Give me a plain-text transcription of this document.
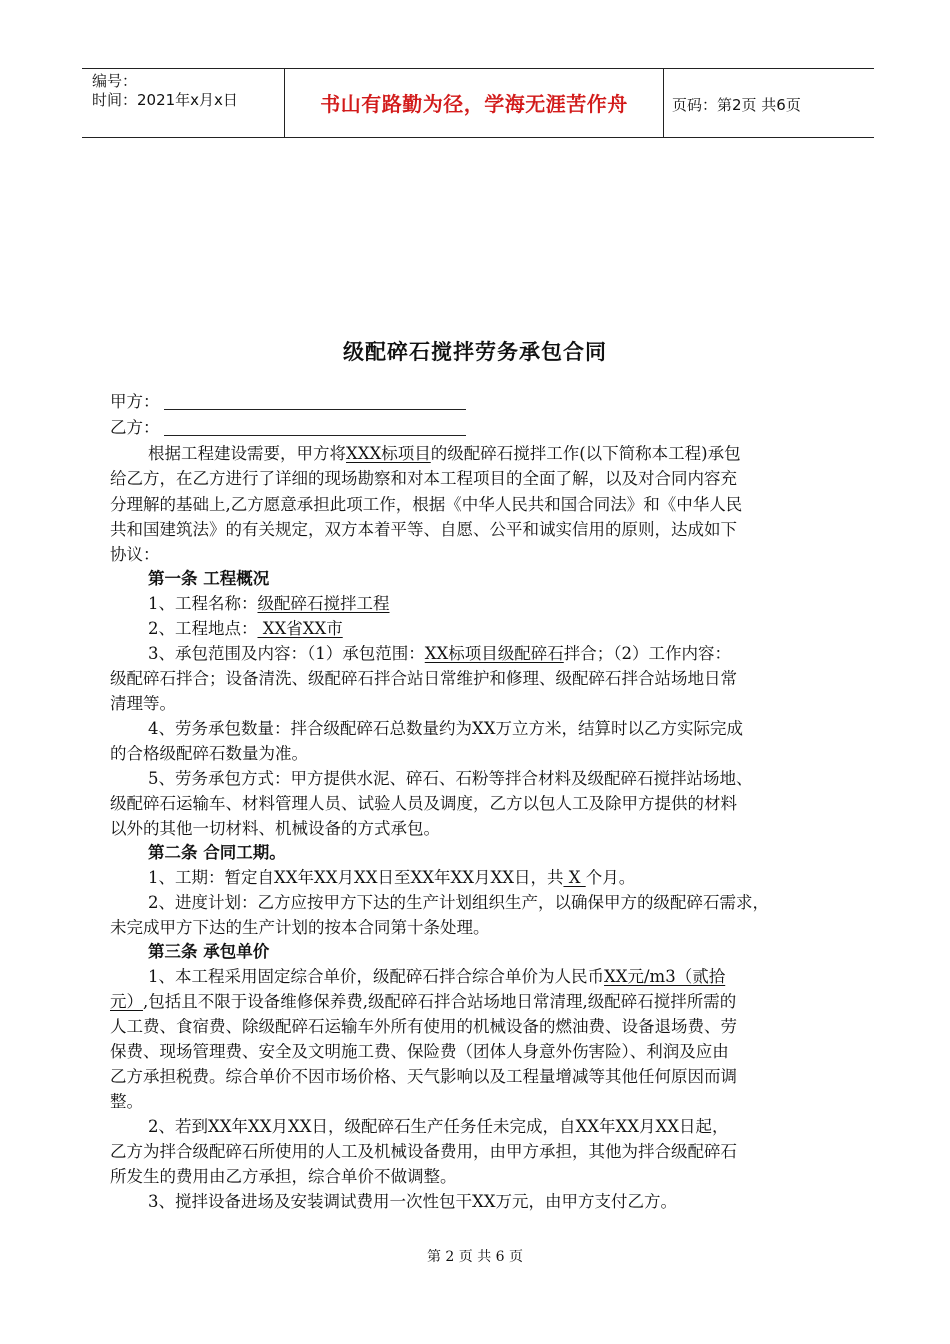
编号：
时间：2021年x月x日	书山有路勤为径，学海无涯苦作舟	页码：第2页 共6页
级配碎石搅拌劳务承包合同
甲方：
乙方：
根据工程建设需要，甲方将XXX标项目的级配碎石搅拌工作(以下简称本工程)承包
给乙方，在乙方进行了详细的现场勘察和对本工程项目的全面了解，以及对合同内容充
分理解的基础上,乙方愿意承担此项工作，根据《中华人民共和国合同法》和《中华人民
共和国建筑法》的有关规定，双方本着平等、自愿、公平和诚实信用的原则，达成如下
协议：
第一条 工程概况
1、工程名称：级配碎石搅拌工程
2、工程地点： XX省XX市
3、承包范围及内容：（1）承包范围：XX标项目级配碎石拌合；（2）工作内容：
级配碎石拌合；设备清洗、级配碎石拌合站日常维护和修理、级配碎石拌合站场地日常
清理等。
4、劳务承包数量：拌合级配碎石总数量约为XX万立方米，结算时以乙方实际完成
的合格级配碎石数量为准。
5、劳务承包方式：甲方提供水泥、碎石、石粉等拌合材料及级配碎石搅拌站场地、
级配碎石运输车、材料管理人员、试验人员及调度，乙方以包人工及除甲方提供的材料
以外的其他一切材料、机械设备的方式承包。
第二条 合同工期。
1、工期：暂定自XX年XX月XX日至XX年XX月XX日，共 X 个月。
2、进度计划：乙方应按甲方下达的生产计划组织生产，以确保甲方的级配碎石需求，
未完成甲方下达的生产计划的按本合同第十条处理。
第三条 承包单价
1、本工程采用固定综合单价，级配碎石拌合综合单价为人民币XX元/m3（贰拾
元）,包括且不限于设备维修保养费,级配碎石拌合站场地日常清理,级配碎石搅拌所需的
人工费、食宿费、除级配碎石运输车外所有使用的机械设备的燃油费、设备退场费、劳
保费、现场管理费、安全及文明施工费、保险费（团体人身意外伤害险）、利润及应由
乙方承担税费。综合单价不因市场价格、天气影响以及工程量增减等其他任何原因而调
整。
2、若到XX年XX月XX日，级配碎石生产任务任未完成，自XX年XX月XX日起，
乙方为拌合级配碎石所使用的人工及机械设备费用，由甲方承担，其他为拌合级配碎石
所发生的费用由乙方承担，综合单价不做调整。
3、搅拌设备进场及安装调试费用一次性包干XX万元，由甲方支付乙方。
第 2 页 共 6 页
